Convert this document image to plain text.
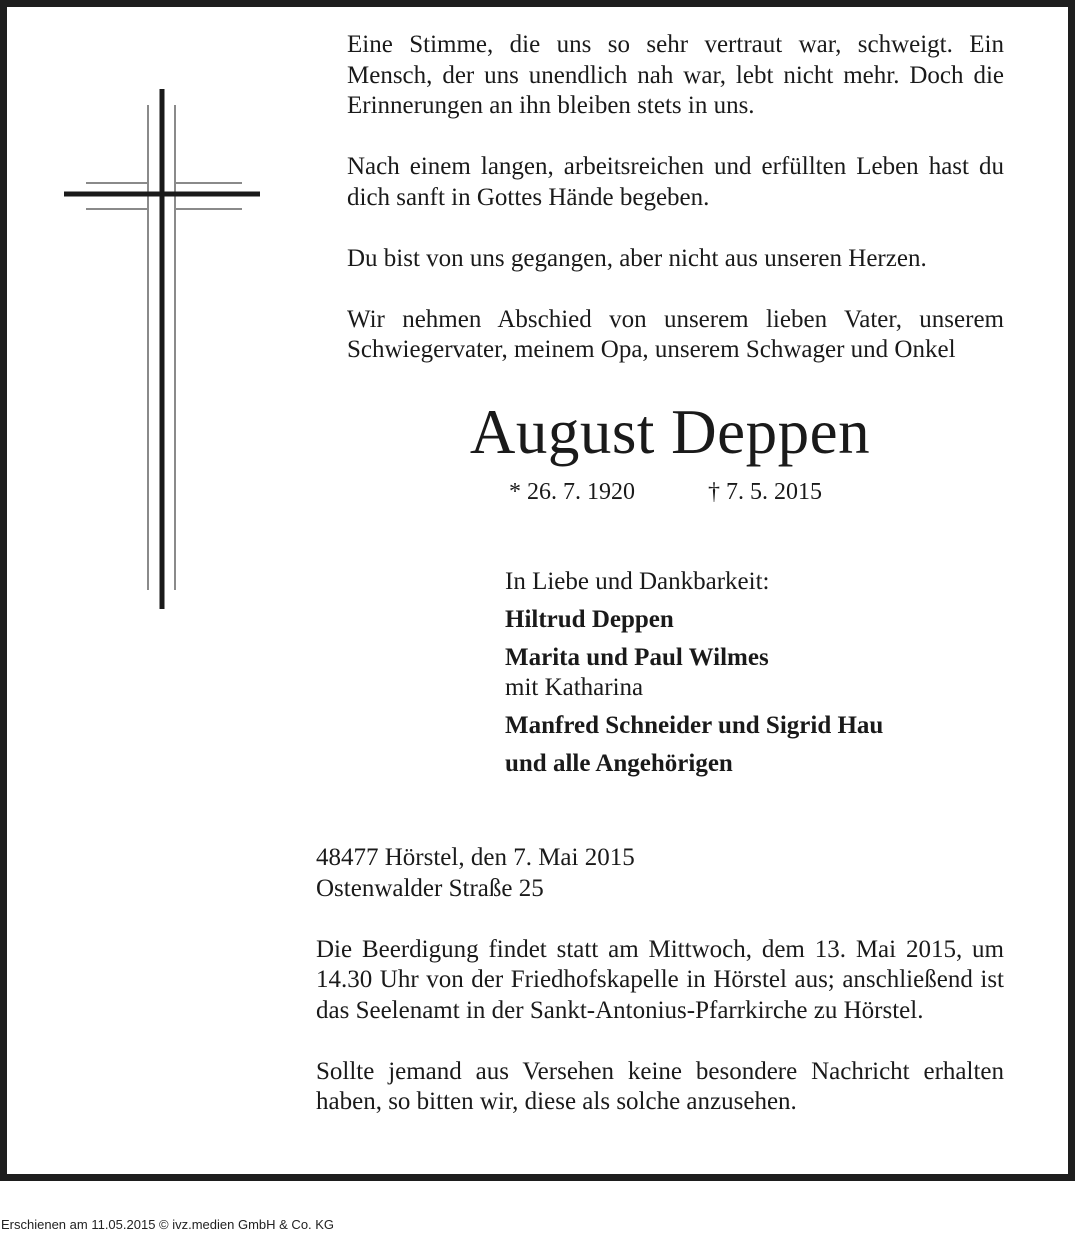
Eine Stimme, die uns so sehr vertraut war, schweigt. Ein Mensch, der uns unendlich nah war, lebt nicht mehr. Doch die Erinnerungen an ihn bleiben stets in uns.

Nach einem langen, arbeitsreichen und erfüllten Leben hast du dich sanft in Gottes Hände begeben.

Du bist von uns gegangen, aber nicht aus unseren Herzen.

Wir nehmen Abschied von unserem lieben Vater, unserem Schwiegervater, meinem Opa, unserem Schwager und Onkel

August Deppen
* 26. 7. 1920	† 7. 5. 2015
In Liebe und Dankbarkeit:
Hiltrud Deppen
Marita und Paul Wilmes
mit Katharina
Manfred Schneider und Sigrid Hau
und alle Angehörigen

48477 Hörstel, den 7. Mai 2015
Ostenwalder Straße 25

Die Beerdigung findet statt am Mittwoch, dem 13. Mai 2015, um 14.30 Uhr von der Friedhofskapelle in Hörstel aus; anschließend ist das Seelenamt in der Sankt-Antonius-Pfarrkirche zu Hörstel.

Sollte jemand aus Versehen keine besondere Nachricht erhalten haben, so bitten wir, diese als solche anzusehen.

Erschienen am 11.05.2015 © ivz.medien GmbH & Co. KG
